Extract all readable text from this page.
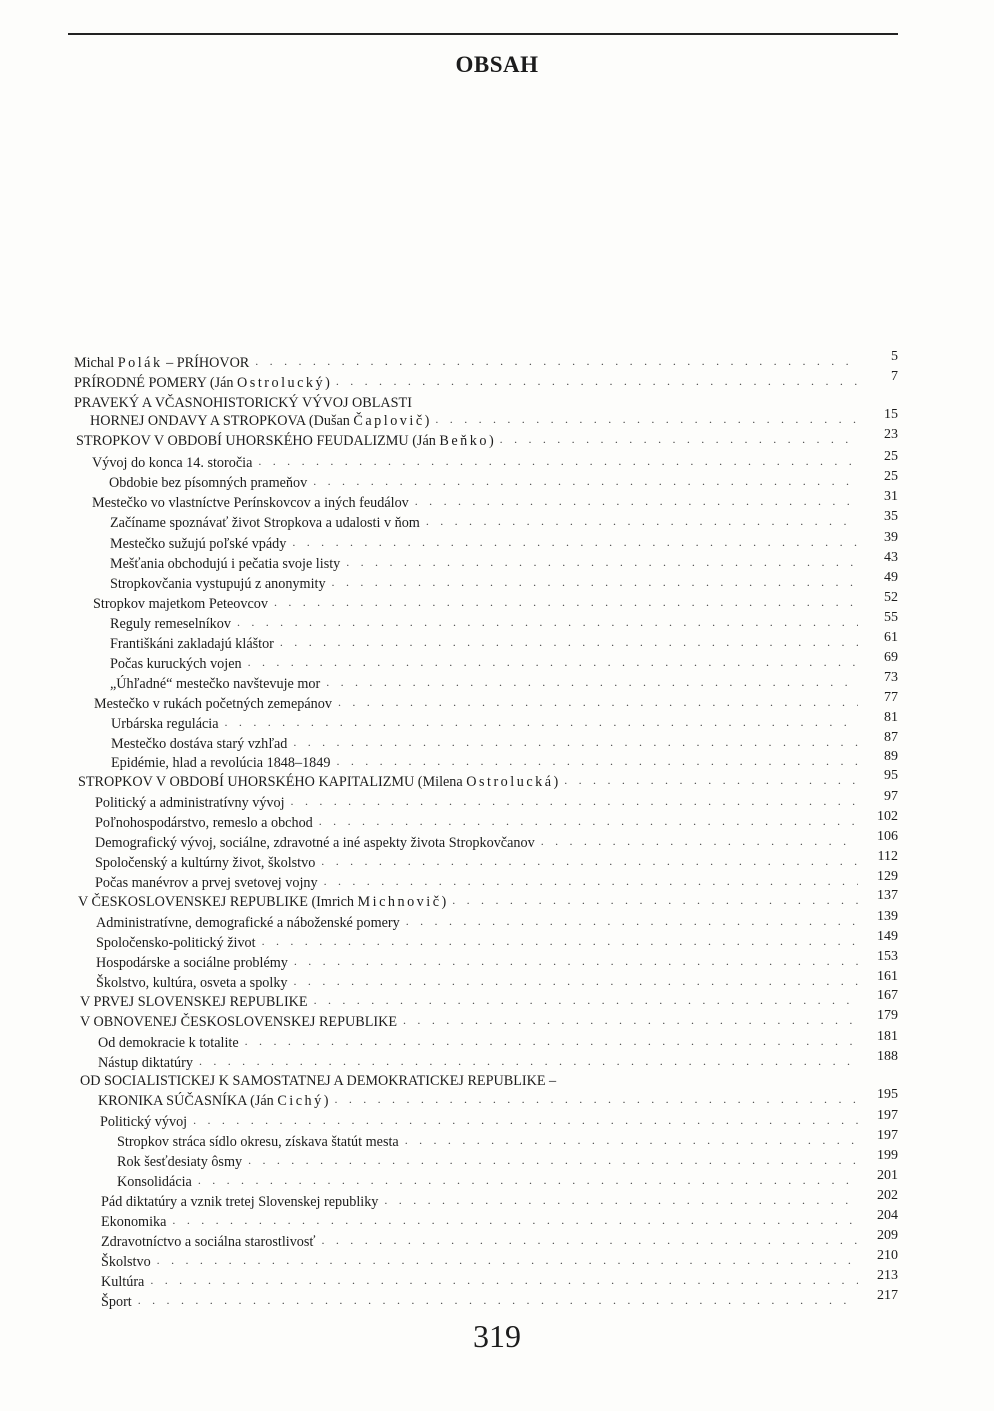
OBSAH
Michal Polák – PRÍHOVOR . . .	5
PRÍRODNÉ POMERY (Ján Ostrolucký) . . .	7
PRAVEKÝ A VČASNOHISTORICKÝ VÝVOJ OBLASTI
HORNEJ ONDAVY A STROPKOVA (Dušan Čaplovič) . . .	15
STROPKOV V OBDOBÍ UHORSKÉHO FEUDALIZMU (Ján Beňko) . . .	23
Vývoj do konca 14. storočia . . .	25
Obdobie bez písomných prameňov . . .	25
Mestečko vo vlastníctve Perínskovcov a iných feudálov . . .	31
Začíname spoznávať život Stropkova a udalosti v ňom . . .	35
Mestečko sužujú poľské vpády . . .	39
Mešťania obchodujú i pečatia svoje listy . . .	43
Stropkovčania vystupujú z anonymity . . .	49
Stropkov majetkom Peteovcov . . .	52
Reguly remeselníkov . . .	55
Františkáni zakladajú kláštor . . .	61
Počas kuruckých vojen . . .	69
„Úhľadné“ mestečko navštevuje mor . . .	73
Mestečko v rukách početných zemepánov . . .	77
Urbárska regulácia . . .	81
Mestečko dostáva starý vzhľad . . .	87
Epidémie, hlad a revolúcia 1848–1849 . . .	89
STROPKOV V OBDOBÍ UHORSKÉHO KAPITALIZMU (Milena Ostrolucká) . . .	95
Politický a administratívny vývoj . . .	97
Poľnohospodárstvo, remeslo a obchod . . .	102
Demografický vývoj, sociálne, zdravotné a iné aspekty života Stropkovčanov . . .	106
Spoločenský a kultúrny život, školstvo . . .	112
Počas manévrov a prvej svetovej vojny . . .	129
V ČESKOSLOVENSKEJ REPUBLIKE (Imrich Michnovič) . . .	137
Administratívne, demografické a náboženské pomery . . .	139
Spoločensko-politický život . . .	149
Hospodárske a sociálne problémy . . .	153
Školstvo, kultúra, osveta a spolky . . .	161
V PRVEJ SLOVENSKEJ REPUBLIKE . . .	167
V OBNOVENEJ ČESKOSLOVENSKEJ REPUBLIKE . . .	179
Od demokracie k totalite . . .	181
Nástup diktatúry . . .	188
OD SOCIALISTICKEJ K SAMOSTATNEJ A DEMOKRATICKEJ REPUBLIKE –
KRONIKA SÚČASNÍKA (Ján Cichý) . . .	195
Politický vývoj . . .	197
Stropkov stráca sídlo okresu, získava štatút mesta . . .	197
Rok šesťdesiaty ôsmy . . .	199
Konsolidácia . . .	201
Pád diktatúry a vznik tretej Slovenskej republiky . . .	202
Ekonomika . . .	204
Zdravotníctvo a sociálna starostlivosť . . .	209
Školstvo . . .	210
Kultúra . . .	213
Šport . . .	217
319
